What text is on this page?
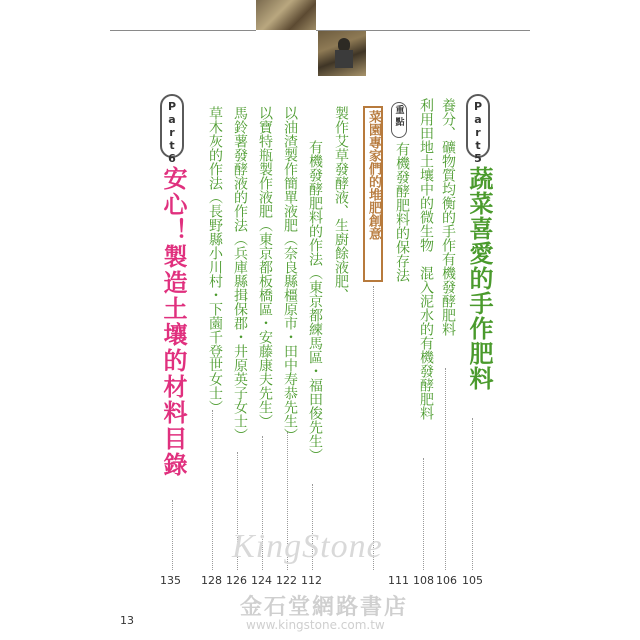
Part5
蔬菜喜愛的手作肥料
養分、礦物質均衡的手作有機發酵肥料
利用田地土壤中的微生物　混入泥水的有機發酵肥料
重點
有機發酵肥料的保存法
菜園專家們的堆肥創意
製作艾草發酵液、生廚餘液肥、
有機發酵肥料的作法（東京都練馬區・福田俊先生）
以油渣製作簡單液肥（奈良縣橿原市・田中寿恭先生）
以寶特瓶製作液肥（東京都板橋區・安藤康夫先生）
馬鈴薯發酵液的作法（兵庫縣揖保郡・井原英子女士）
草木灰的作法（長野縣小川村・下薗千登世女士）
Part6
安心！製造土壤的材料目錄
135 128 126 124 122 112	111 108 106 105
13
KingStone
金石堂網路書店
www.kingstone.com.tw
